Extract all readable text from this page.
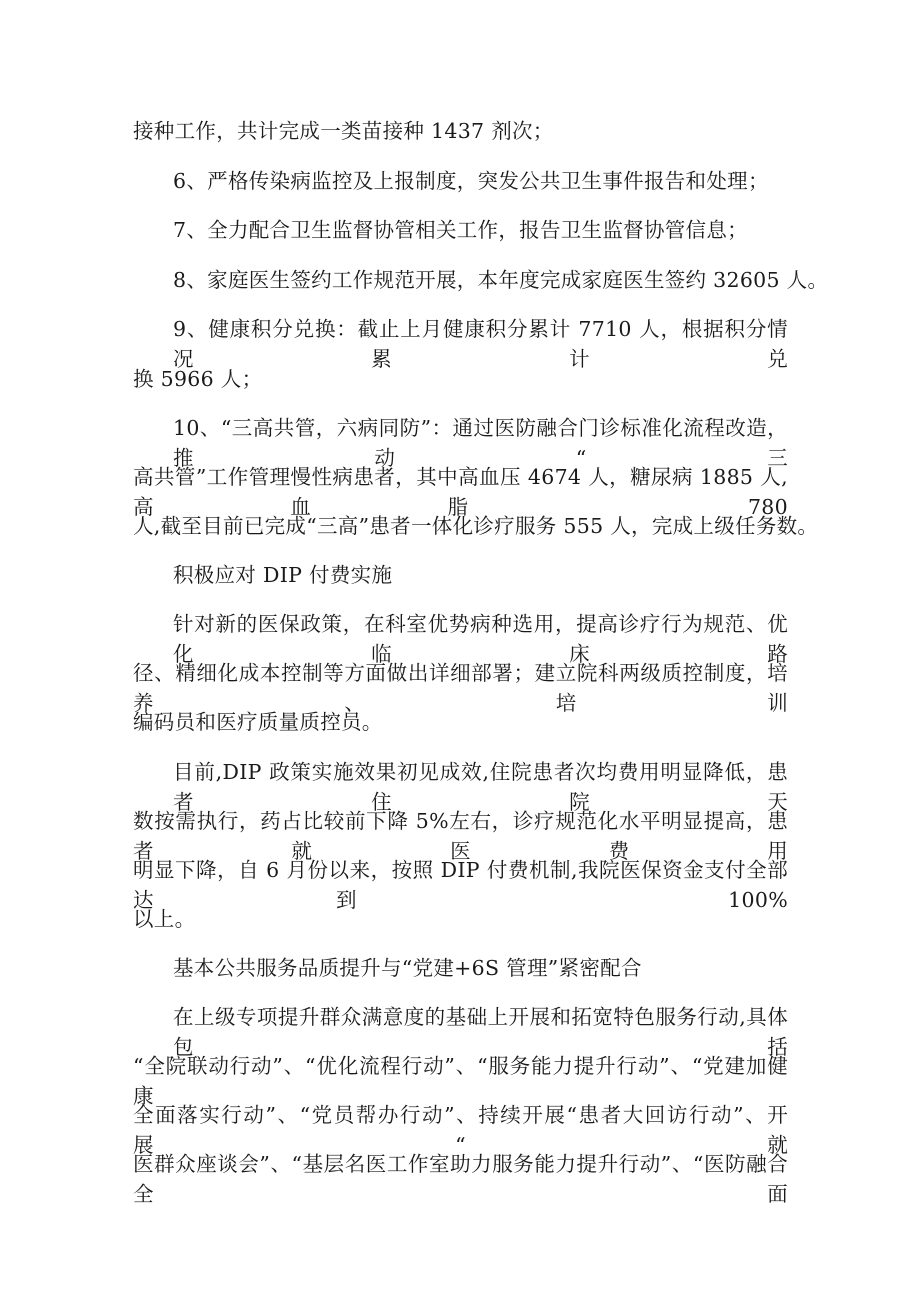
接种工作，共计完成一类苗接种 1437 剂次；
6、严格传染病监控及上报制度，突发公共卫生事件报告和处理；
7、全力配合卫生监督协管相关工作，报告卫生监督协管信息；
8、家庭医生签约工作规范开展，本年度完成家庭医生签约 32605 人。
9、健康积分兑换：截止上月健康积分累计 7710 人，根据积分情况累计兑
换 5966 人；
10、“三高共管，六病同防”：通过医防融合门诊标准化流程改造，推动“三
高共管”工作管理慢性病患者，其中高血压 4674 人，糖尿病 1885 人,高血脂 780
人,截至目前已完成“三高”患者一体化诊疗服务 555 人，完成上级任务数。
积极应对 DIP 付费实施
针对新的医保政策，在科室优势病种选用，提高诊疗行为规范、优化临床路
径、精细化成本控制等方面做出详细部署；建立院科两级质控制度，培养、培训
编码员和医疗质量质控员。
目前,DIP 政策实施效果初见成效,住院患者次均费用明显降低，患者住院天
数按需执行，药占比较前下降 5%左右，诊疗规范化水平明显提高，患者就医费用
明显下降，自 6 月份以来，按照 DIP 付费机制,我院医保资金支付全部达到 100%
以上。
基本公共服务品质提升与“党建+6S 管理”紧密配合
在上级专项提升群众满意度的基础上开展和拓宽特色服务行动,具体包括
“全院联动行动”、“优化流程行动”、“服务能力提升行动”、“党建加健康
全面落实行动”、“党员帮办行动”、持续开展“患者大回访行动”、开展“就
医群众座谈会”、“基层名医工作室助力服务能力提升行动”、“医防融合全面
